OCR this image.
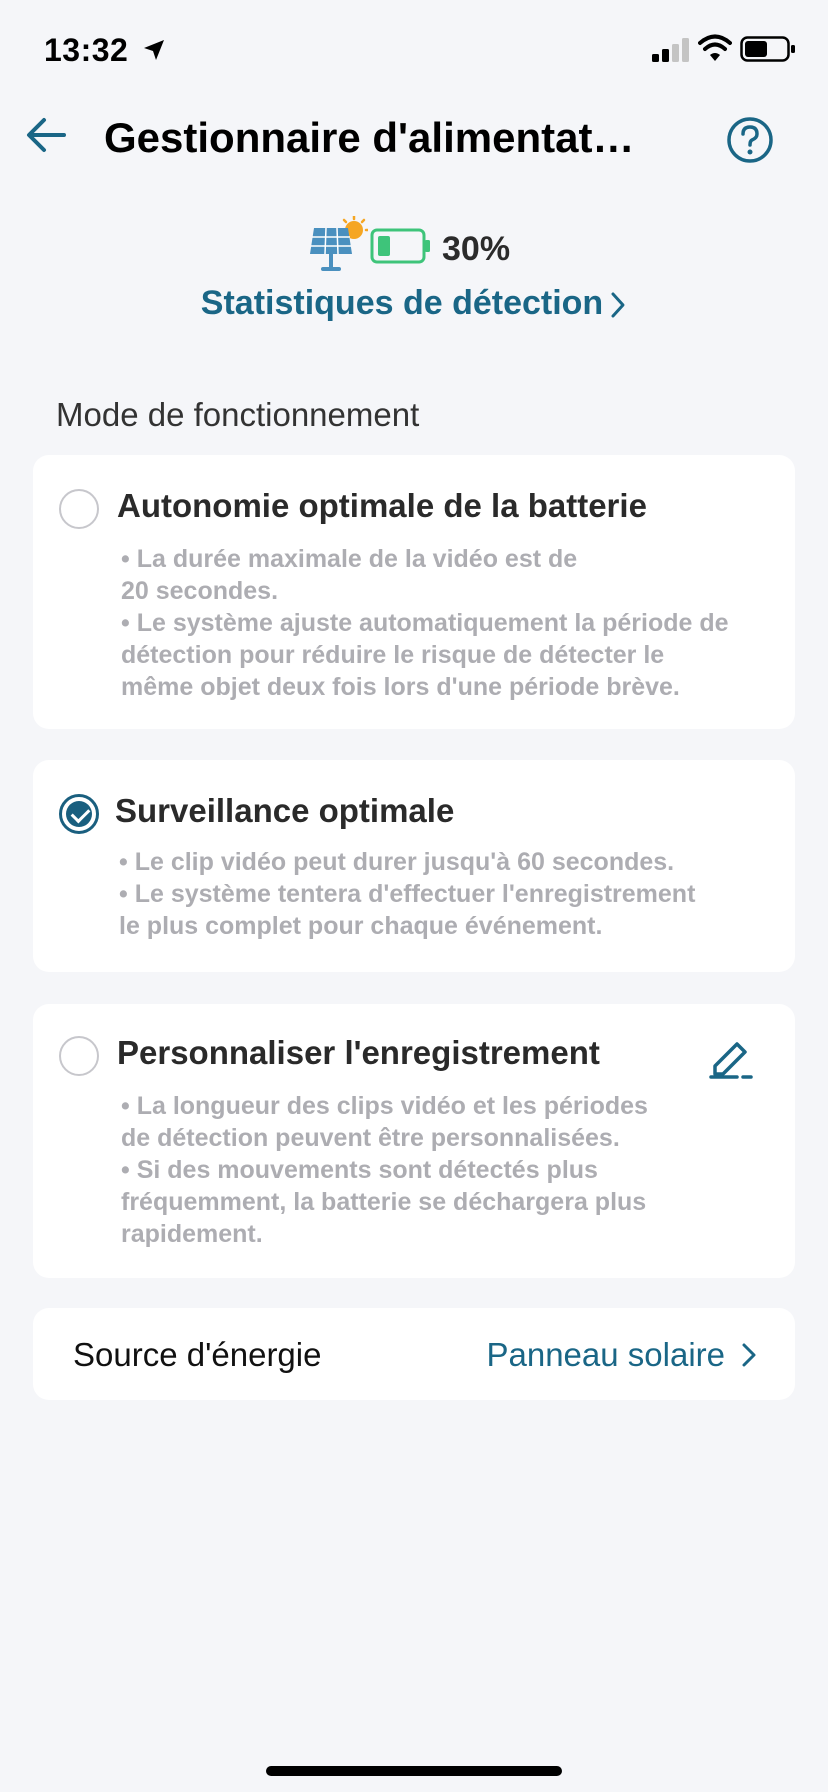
13:32
Gestionnaire d'alimentat…
30%
Statistiques de détection
Mode de fonctionnement
Autonomie optimale de la batterie

• La durée maximale de la vidéo est de

20 secondes.

• Le système ajuste automatiquement la période de

détection pour réduire le risque de détecter le

même objet deux fois lors d'une période brève.

Surveillance optimale

• Le clip vidéo peut durer jusqu'à 60 secondes.

• Le système tentera d'effectuer l'enregistrement

le plus complet pour chaque événement.

Personnaliser l'enregistrement

• La longueur des clips vidéo et les périodes

de détection peuvent être personnalisées.

• Si des mouvements sont détectés plus

fréquemment, la batterie se déchargera plus

rapidement.

Source d'énergie	Panneau solaire
